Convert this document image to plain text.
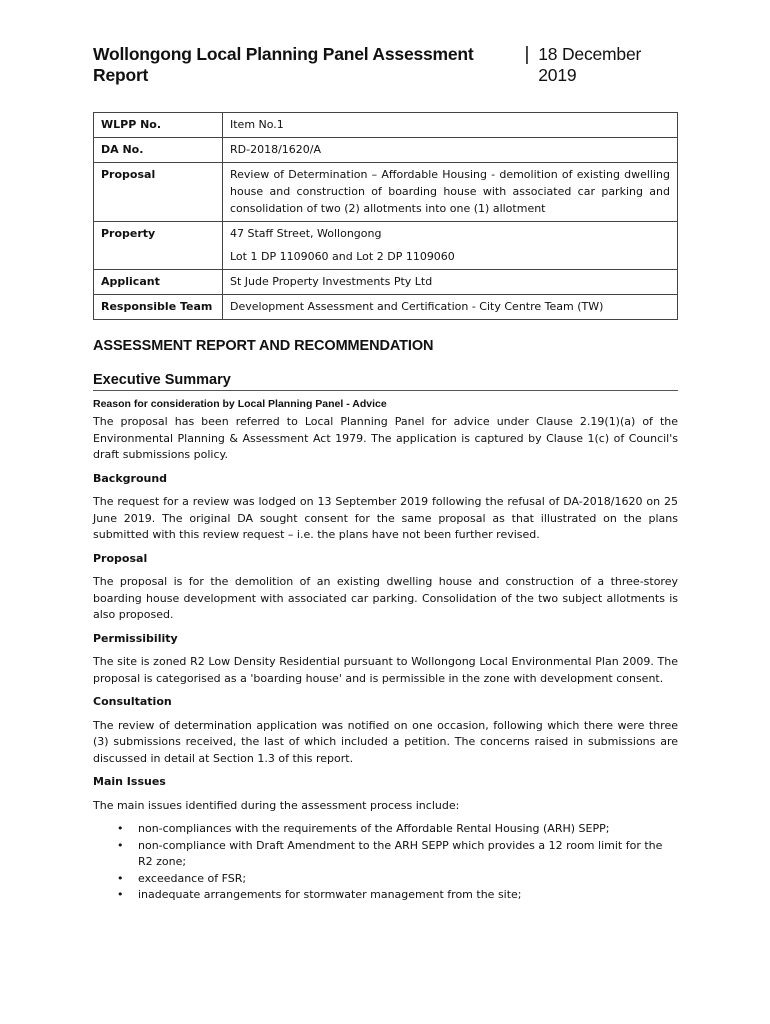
Wollongong Local Planning Panel Assessment Report
| 18 December 2019
WLPP No.	Item No.1

DA No.	RD-2018/1620/A

Proposal	Review of Determination – Affordable Housing - demolition of existing dwelling house and construction of boarding house with associated car parking and consolidation of two (2) allotments into one (1) allotment

Property	47 Staff Street, Wollongong

Lot 1 DP 1109060 and Lot 2 DP 1109060

Applicant	St Jude Property Investments Pty Ltd

Responsible Team	Development Assessment and Certification - City Centre Team (TW)

ASSESSMENT REPORT AND RECOMMENDATION
Executive Summary
Reason for consideration by Local Planning Panel - Advice

The proposal has been referred to Local Planning Panel for advice under Clause 2.19(1)(a) of the Environmental Planning & Assessment Act 1979. The application is captured by Clause 1(c) of Council's draft submissions policy.

Background

The request for a review was lodged on 13 September 2019 following the refusal of DA-2018/1620 on 25 June 2019. The original DA sought consent for the same proposal as that illustrated on the plans submitted with this review request – i.e. the plans have not been further revised.

Proposal

The proposal is for the demolition of an existing dwelling house and construction of a three-storey boarding house development with associated car parking. Consolidation of the two subject allotments is also proposed.

Permissibility

The site is zoned R2 Low Density Residential pursuant to Wollongong Local Environmental Plan 2009. The proposal is categorised as a 'boarding house' and is permissible in the zone with development consent.

Consultation

The review of determination application was notified on one occasion, following which there were three (3) submissions received, the last of which included a petition. The concerns raised in submissions are discussed in detail at Section 1.3 of this report.

Main Issues

The main issues identified during the assessment process include:

• non-compliances with the requirements of the Affordable Rental Housing (ARH) SEPP;
• non-compliance with Draft Amendment to the ARH SEPP which provides a 12 room limit for the R2 zone;
• exceedance of FSR;
• inadequate arrangements for stormwater management from the site;
